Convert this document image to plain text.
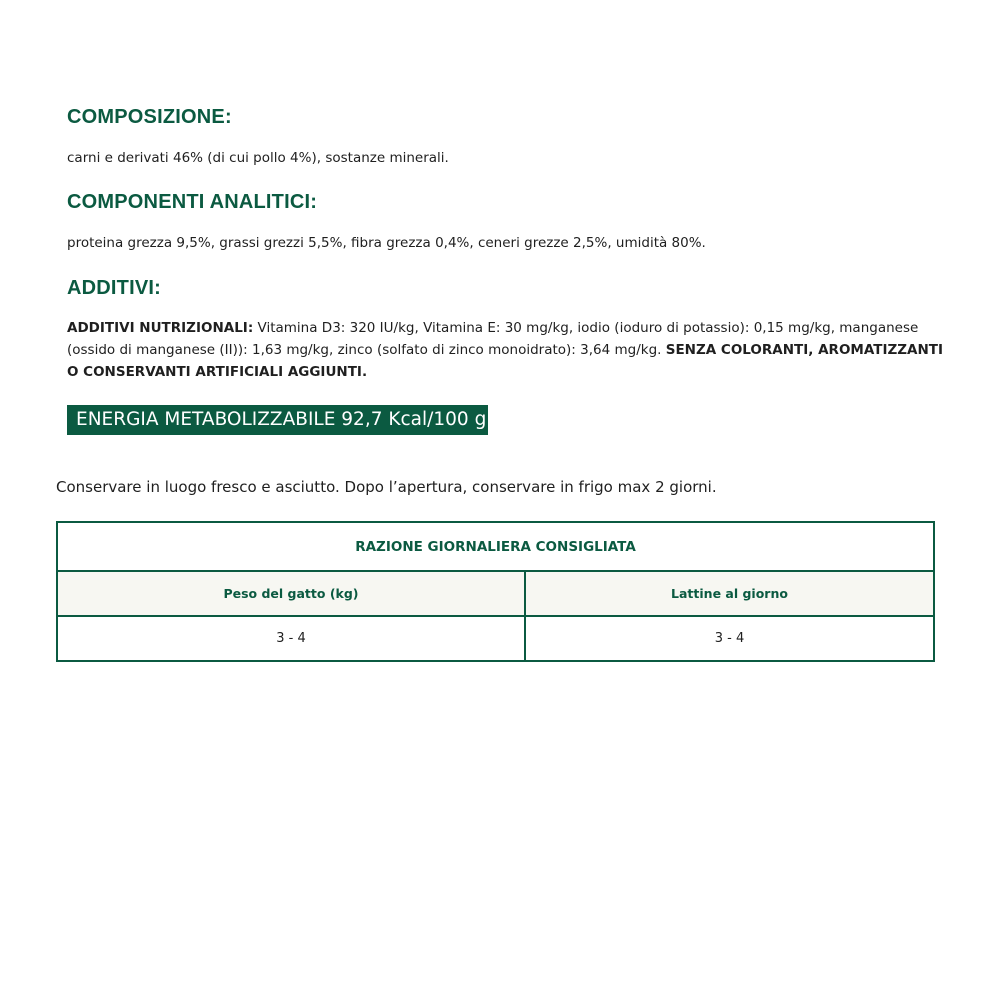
COMPOSIZIONE:

carni e derivati 46% (di cui pollo 4%), sostanze minerali.

COMPONENTI ANALITICI:

proteina grezza 9,5%, grassi grezzi 5,5%, fibra grezza 0,4%, ceneri grezze 2,5%, umidità 80%.

ADDITIVI:

ADDITIVI NUTRIZIONALI: Vitamina D3: 320 IU/kg, Vitamina E: 30 mg/kg, iodio (ioduro di potassio): 0,15 mg/kg, manganese (ossido di manganese (II)): 1,63 mg/kg, zinco (solfato di zinco monoidrato): 3,64 mg/kg. SENZA COLORANTI, AROMATIZZANTI O CONSERVANTI ARTIFICIALI AGGIUNTI.

ENERGIA METABOLIZZABILE 92,7 Kcal/100 g
Conservare in luogo fresco e asciutto. Dopo l’apertura, conservare in frigo max 2 giorni.
RAZIONE GIORNALIERA CONSIGLIATA
Peso del gatto (kg)	Lattine al giorno
3 - 4	3 - 4
